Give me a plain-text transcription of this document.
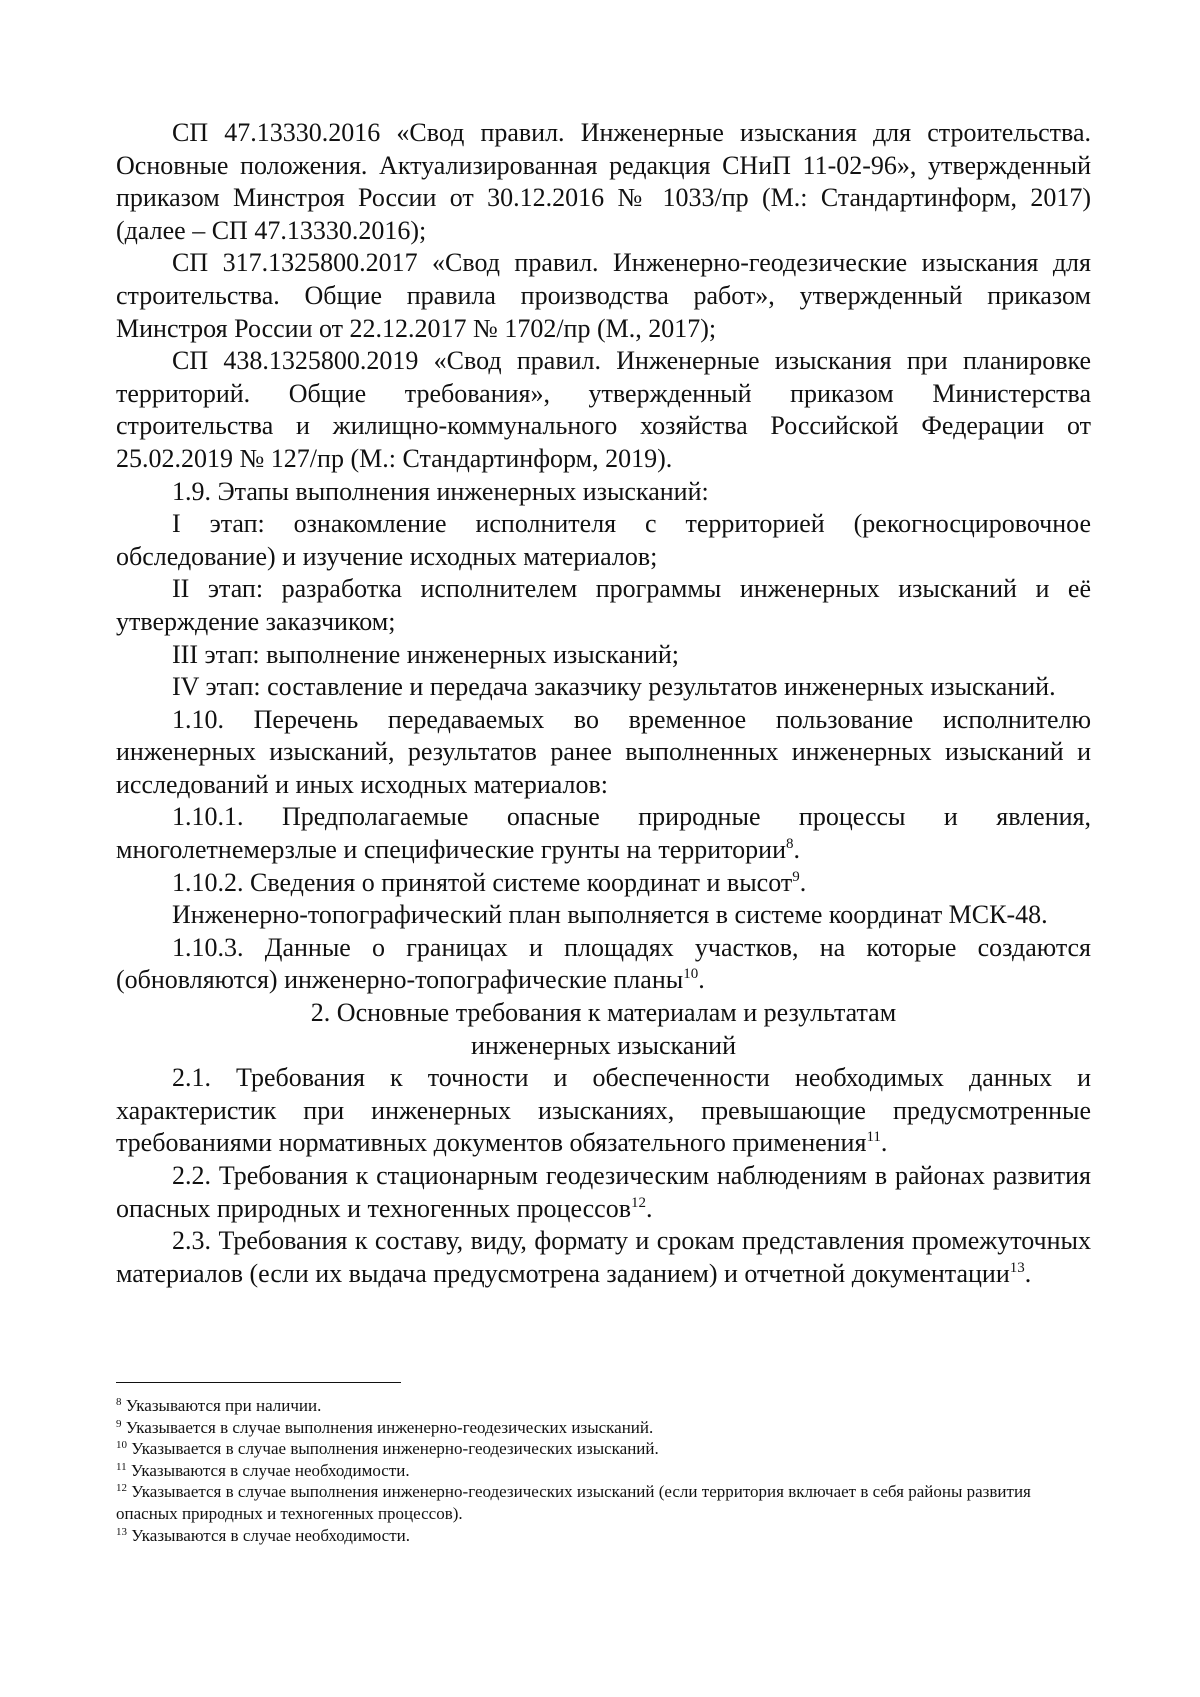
СП 47.13330.2016 «Свод правил. Инженерные изыскания для строительства. Основные положения. Актуализированная редакция СНиП 11-02-96», утвержденный приказом Минстроя России от 30.12.2016 № 1033/пр (М.: Стандартинформ, 2017) (далее – СП 47.13330.2016);

СП 317.1325800.2017 «Свод правил. Инженерно-геодезические изыскания для строительства. Общие правила производства работ», утвержденный приказом Минстроя России от 22.12.2017 № 1702/пр (М., 2017);

СП 438.1325800.2019 «Свод правил. Инженерные изыскания при планировке территорий. Общие требования», утвержденный приказом Министерства строительства и жилищно-коммунального хозяйства Российской Федерации от 25.02.2019 № 127/пр (М.: Стандартинформ, 2019).

1.9. Этапы выполнения инженерных изысканий:

I этап: ознакомление исполнителя с территорией (рекогносцировочное обследование) и изучение исходных материалов;

II этап: разработка исполнителем программы инженерных изысканий и её утверждение заказчиком;

III этап: выполнение инженерных изысканий;

IV этап: составление и передача заказчику результатов инженерных изысканий.

1.10. Перечень передаваемых во временное пользование исполнителю инженерных изысканий, результатов ранее выполненных инженерных изысканий и исследований и иных исходных материалов:

1.10.1. Предполагаемые опасные природные процессы и явления, многолетнемерзлые и специфические грунты на территории$^8$.

1.10.2. Сведения о принятой системе координат и высот$^9$.

Инженерно-топографический план выполняется в системе координат МСК-48.

1.10.3. Данные о границах и площадях участков, на которые создаются (обновляются) инженерно-топографические планы$^{10}$.

2. Основные требования к материалам и результатам
инженерных изысканий

2.1. Требования к точности и обеспеченности необходимых данных и характеристик при инженерных изысканиях, превышающие предусмотренные требованиями нормативных документов обязательного применения$^{11}$.

2.2. Требования к стационарным геодезическим наблюдениям в районах развития опасных природных и техногенных процессов$^{12}$.

2.3. Требования к составу, виду, формату и срокам представления промежуточных материалов (если их выдача предусмотрена заданием) и отчетной документации$^{13}$.

$^8$ Указываются при наличии.

$^9$ Указывается в случае выполнения инженерно-геодезических изысканий.

$^{10}$ Указывается в случае выполнения инженерно-геодезических изысканий.

$^{11}$ Указываются в случае необходимости.

$^{12}$ Указывается в случае выполнения инженерно-геодезических изысканий (если территория включает в себя районы развития опасных природных и техногенных процессов).

$^{13}$ Указываются в случае необходимости.
